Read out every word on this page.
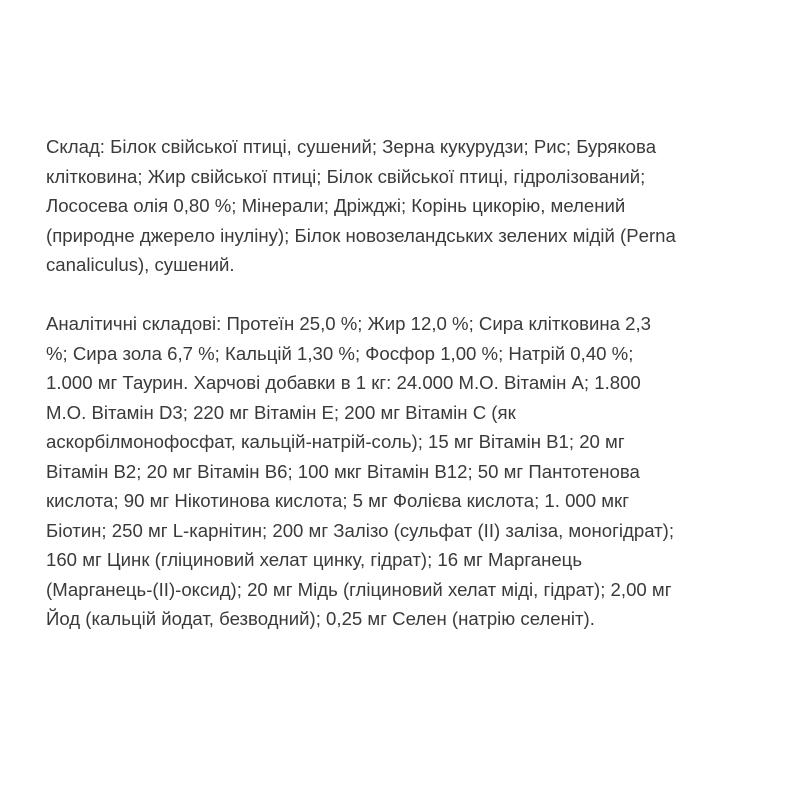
Склад: Білок свійської птиці, сушений; Зерна кукурудзи; Рис; Бурякова
клітковина; Жир свійської птиці; Білок свійської птиці, гідролізований;
Лососева олія 0,80 %; Мінерали; Дріжджі; Корінь цикорію, мелений
(природне джерело інуліну); Білок новозеландських зелених мідій (Perna
canaliculus), сушений.

Аналітичні складові: Протеїн 25,0 %; Жир 12,0 %; Сира клітковина 2,3
%; Сира зола 6,7 %; Кальцій 1,30 %; Фосфор 1,00 %; Натрій 0,40 %;
1.000 мг Таурин. Харчові добавки в 1 кг: 24.000 М.О. Вітамін А; 1.800
М.О. Вітамін D3; 220 мг Вітамін Е; 200 мг Вітамін С (як
аскорбілмонофосфат, кальцій-натрій-соль); 15 мг Вітамін В1; 20 мг
Вітамін В2; 20 мг Вітамін В6; 100 мкг Вітамін В12; 50 мг Пантотенова
кислота; 90 мг Нікотинова кислота; 5 мг Фолієва кислота; 1. 000 мкг
Біотин; 250 мг L-карнітин; 200 мг Залізо (сульфат (II) заліза, моногідрат);
160 мг Цинк (гліциновий хелат цинку, гідрат); 16 мг Марганець
(Марганець-(II)-оксид); 20 мг Мідь (гліциновий хелат міді, гідрат); 2,00 мг
Йод (кальцій йодат, безводний); 0,25 мг Селен (натрію селеніт).
